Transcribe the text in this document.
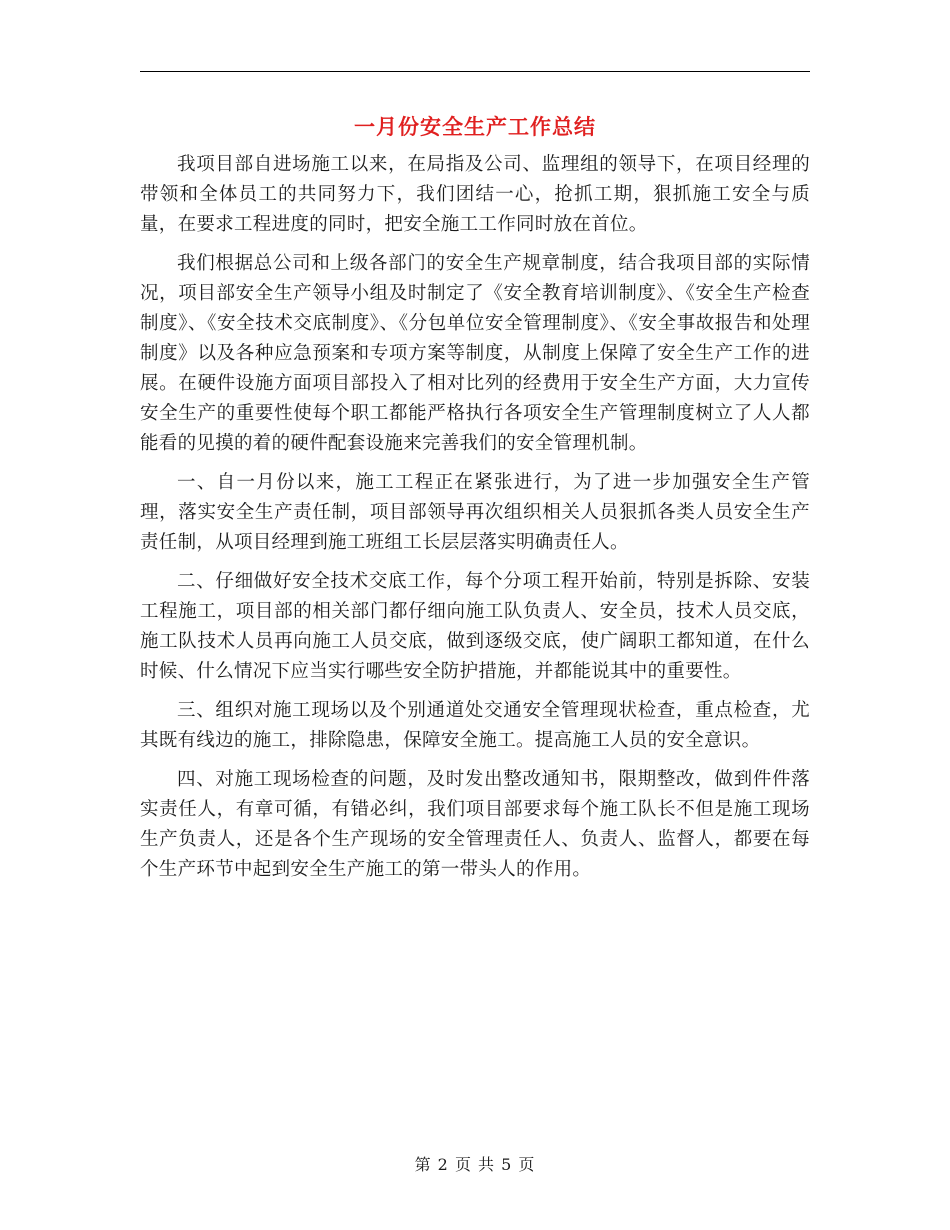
一月份安全生产工作总结

我项目部自进场施工以来，在局指及公司、监理组的领导下，在项目经理的带领和全体员工的共同努力下，我们团结一心，抢抓工期，狠抓施工安全与质量，在要求工程进度的同时，把安全施工工作同时放在首位。

我们根据总公司和上级各部门的安全生产规章制度，结合我项目部的实际情况，项目部安全生产领导小组及时制定了《安全教育培训制度》、《安全生产检查制度》、《安全技术交底制度》、《分包单位安全管理制度》、《安全事故报告和处理制度》以及各种应急预案和专项方案等制度，从制度上保障了安全生产工作的进展。在硬件设施方面项目部投入了相对比列的经费用于安全生产方面，大力宣传安全生产的重要性使每个职工都能严格执行各项安全生产管理制度树立了人人都能看的见摸的着的硬件配套设施来完善我们的安全管理机制。

一、自一月份以来，施工工程正在紧张进行，为了进一步加强安全生产管理，落实安全生产责任制，项目部领导再次组织相关人员狠抓各类人员安全生产责任制，从项目经理到施工班组工长层层落实明确责任人。

二、仔细做好安全技术交底工作，每个分项工程开始前，特别是拆除、安装工程施工，项目部的相关部门都仔细向施工队负责人、安全员，技术人员交底，施工队技术人员再向施工人员交底，做到逐级交底，使广阔职工都知道，在什么时候、什么情况下应当实行哪些安全防护措施，并都能说其中的重要性。

三、组织对施工现场以及个别通道处交通安全管理现状检查，重点检查，尤其既有线边的施工，排除隐患，保障安全施工。提高施工人员的安全意识。

四、对施工现场检查的问题，及时发出整改通知书，限期整改，做到件件落实责任人，有章可循，有错必纠，我们项目部要求每个施工队长不但是施工现场生产负责人，还是各个生产现场的安全管理责任人、负责人、监督人，都要在每个生产环节中起到安全生产施工的第一带头人的作用。

第 2 页 共 5 页
